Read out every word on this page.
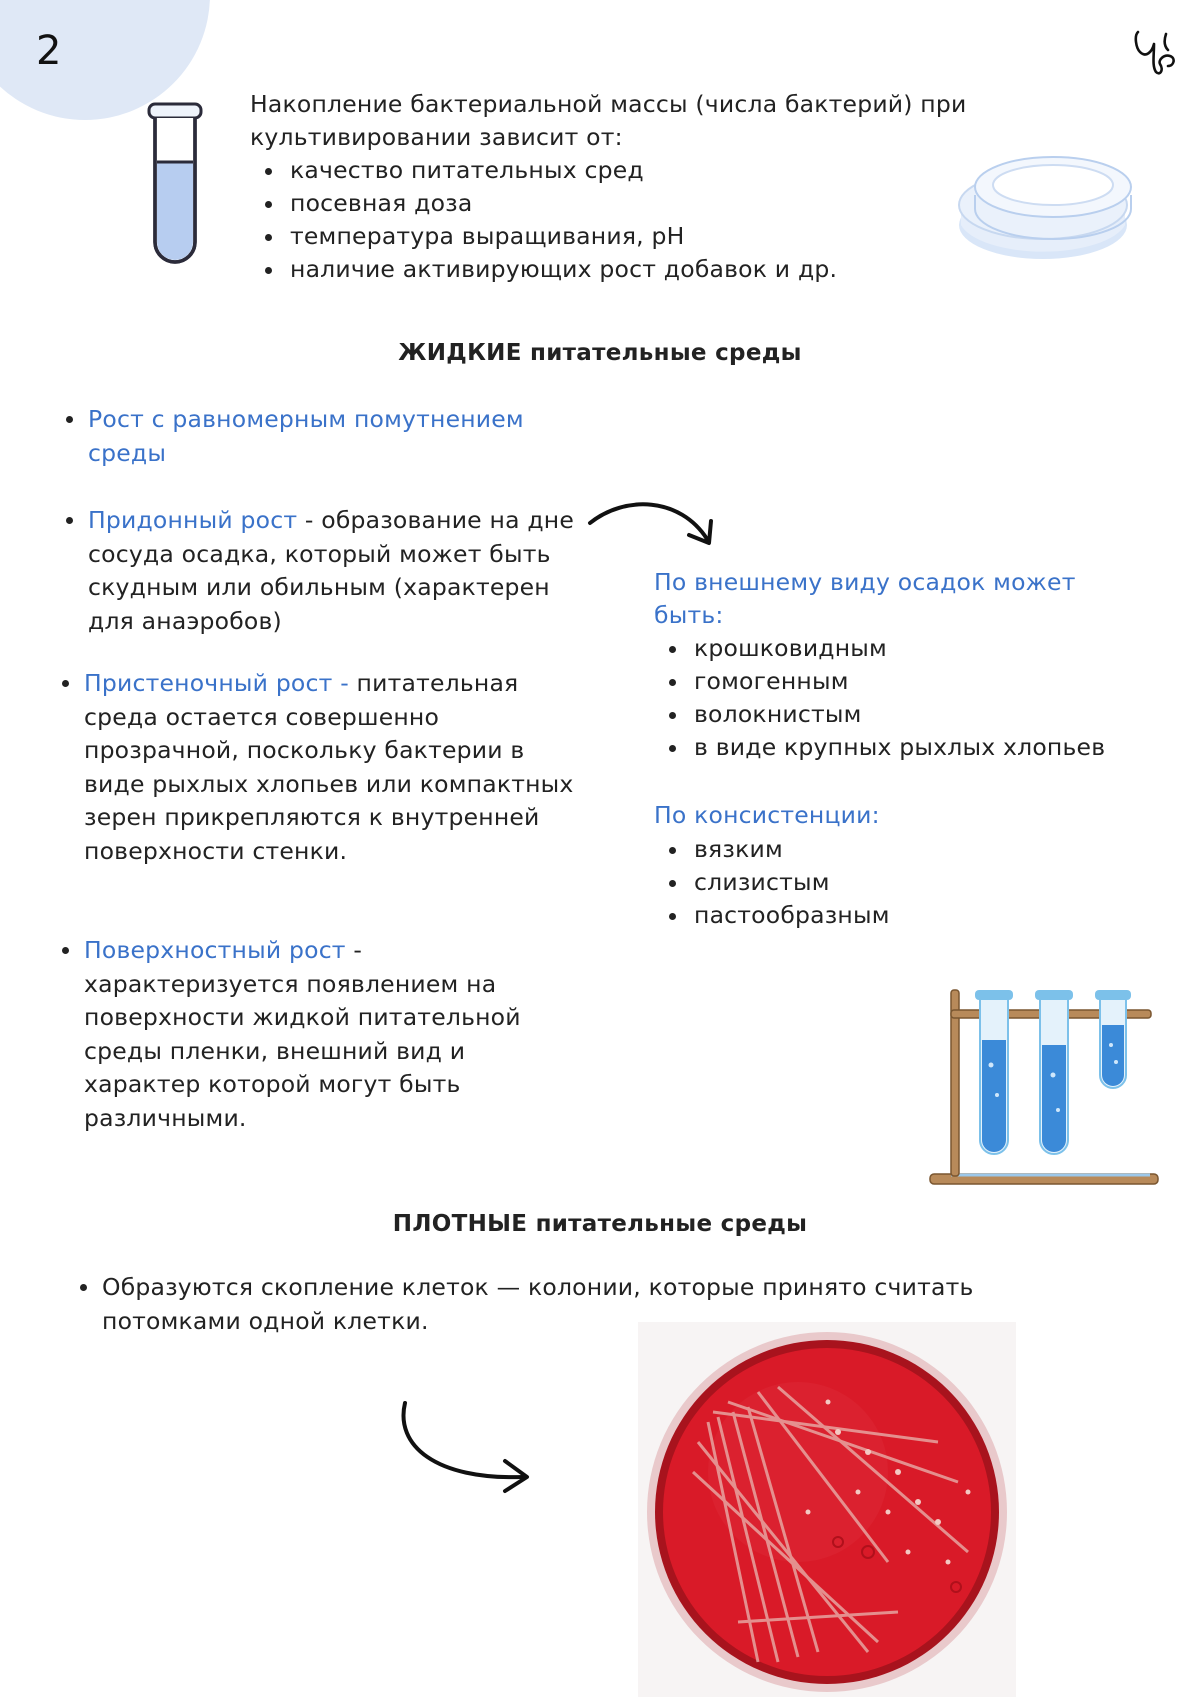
2
Накопление бактериальной массы (числа бактерий) при культивировании зависит от:
качество питательных сред
посевная доза
температура выращивания, pH
наличие активирующих рост добавок и др.
ЖИДКИЕ питательные среды
Рост с равномерным помутнением среды
Придонный рост - образование на дне сосуда осадка, который может быть скудным или обильным (характерен для анаэробов)
Пристеночный рост - питательная среда остается совершенно прозрачной, поскольку бактерии в виде рыхлых хлопьев или компактных зерен прикрепляются к внутренней поверхности стенки.
Поверхностный рост - характеризуется появлением на поверхности жидкой питательной среды пленки, внешний вид и характер которой могут быть различными.
По внешнему виду осадок может быть:
крошковидным
гомогенным
волокнистым
в виде крупных рыхлых хлопьев
По консистенции:
вязким
слизистым
пастообразным
ПЛОТНЫЕ питательные среды
Образуются скопление клеток — колонии, которые принято считать потомками одной клетки.
